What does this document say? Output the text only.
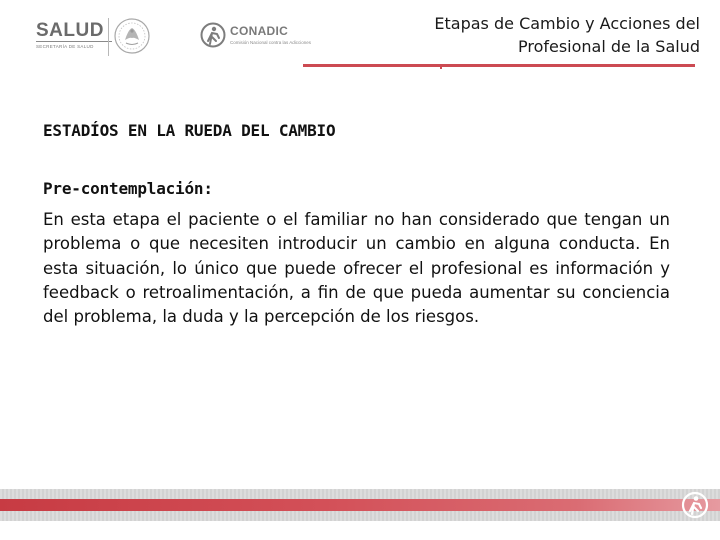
SALUD
SECRETARÍA DE SALUD
CONADIC
Comisión Nacional contra las Adicciones
Etapas de Cambio y Acciones del
Profesional de la Salud
ESTADÍOS EN LA RUEDA DEL CAMBIO
Pre-contemplación:
En esta etapa el paciente o el familiar no han considerado que tengan un problema o que necesiten introducir un cambio en alguna conducta. En esta situación, lo único que puede ofrecer el profesional es información y feedback o retroalimentación, a fin de que pueda aumentar su conciencia del problema, la duda y la percepción de los riesgos.
